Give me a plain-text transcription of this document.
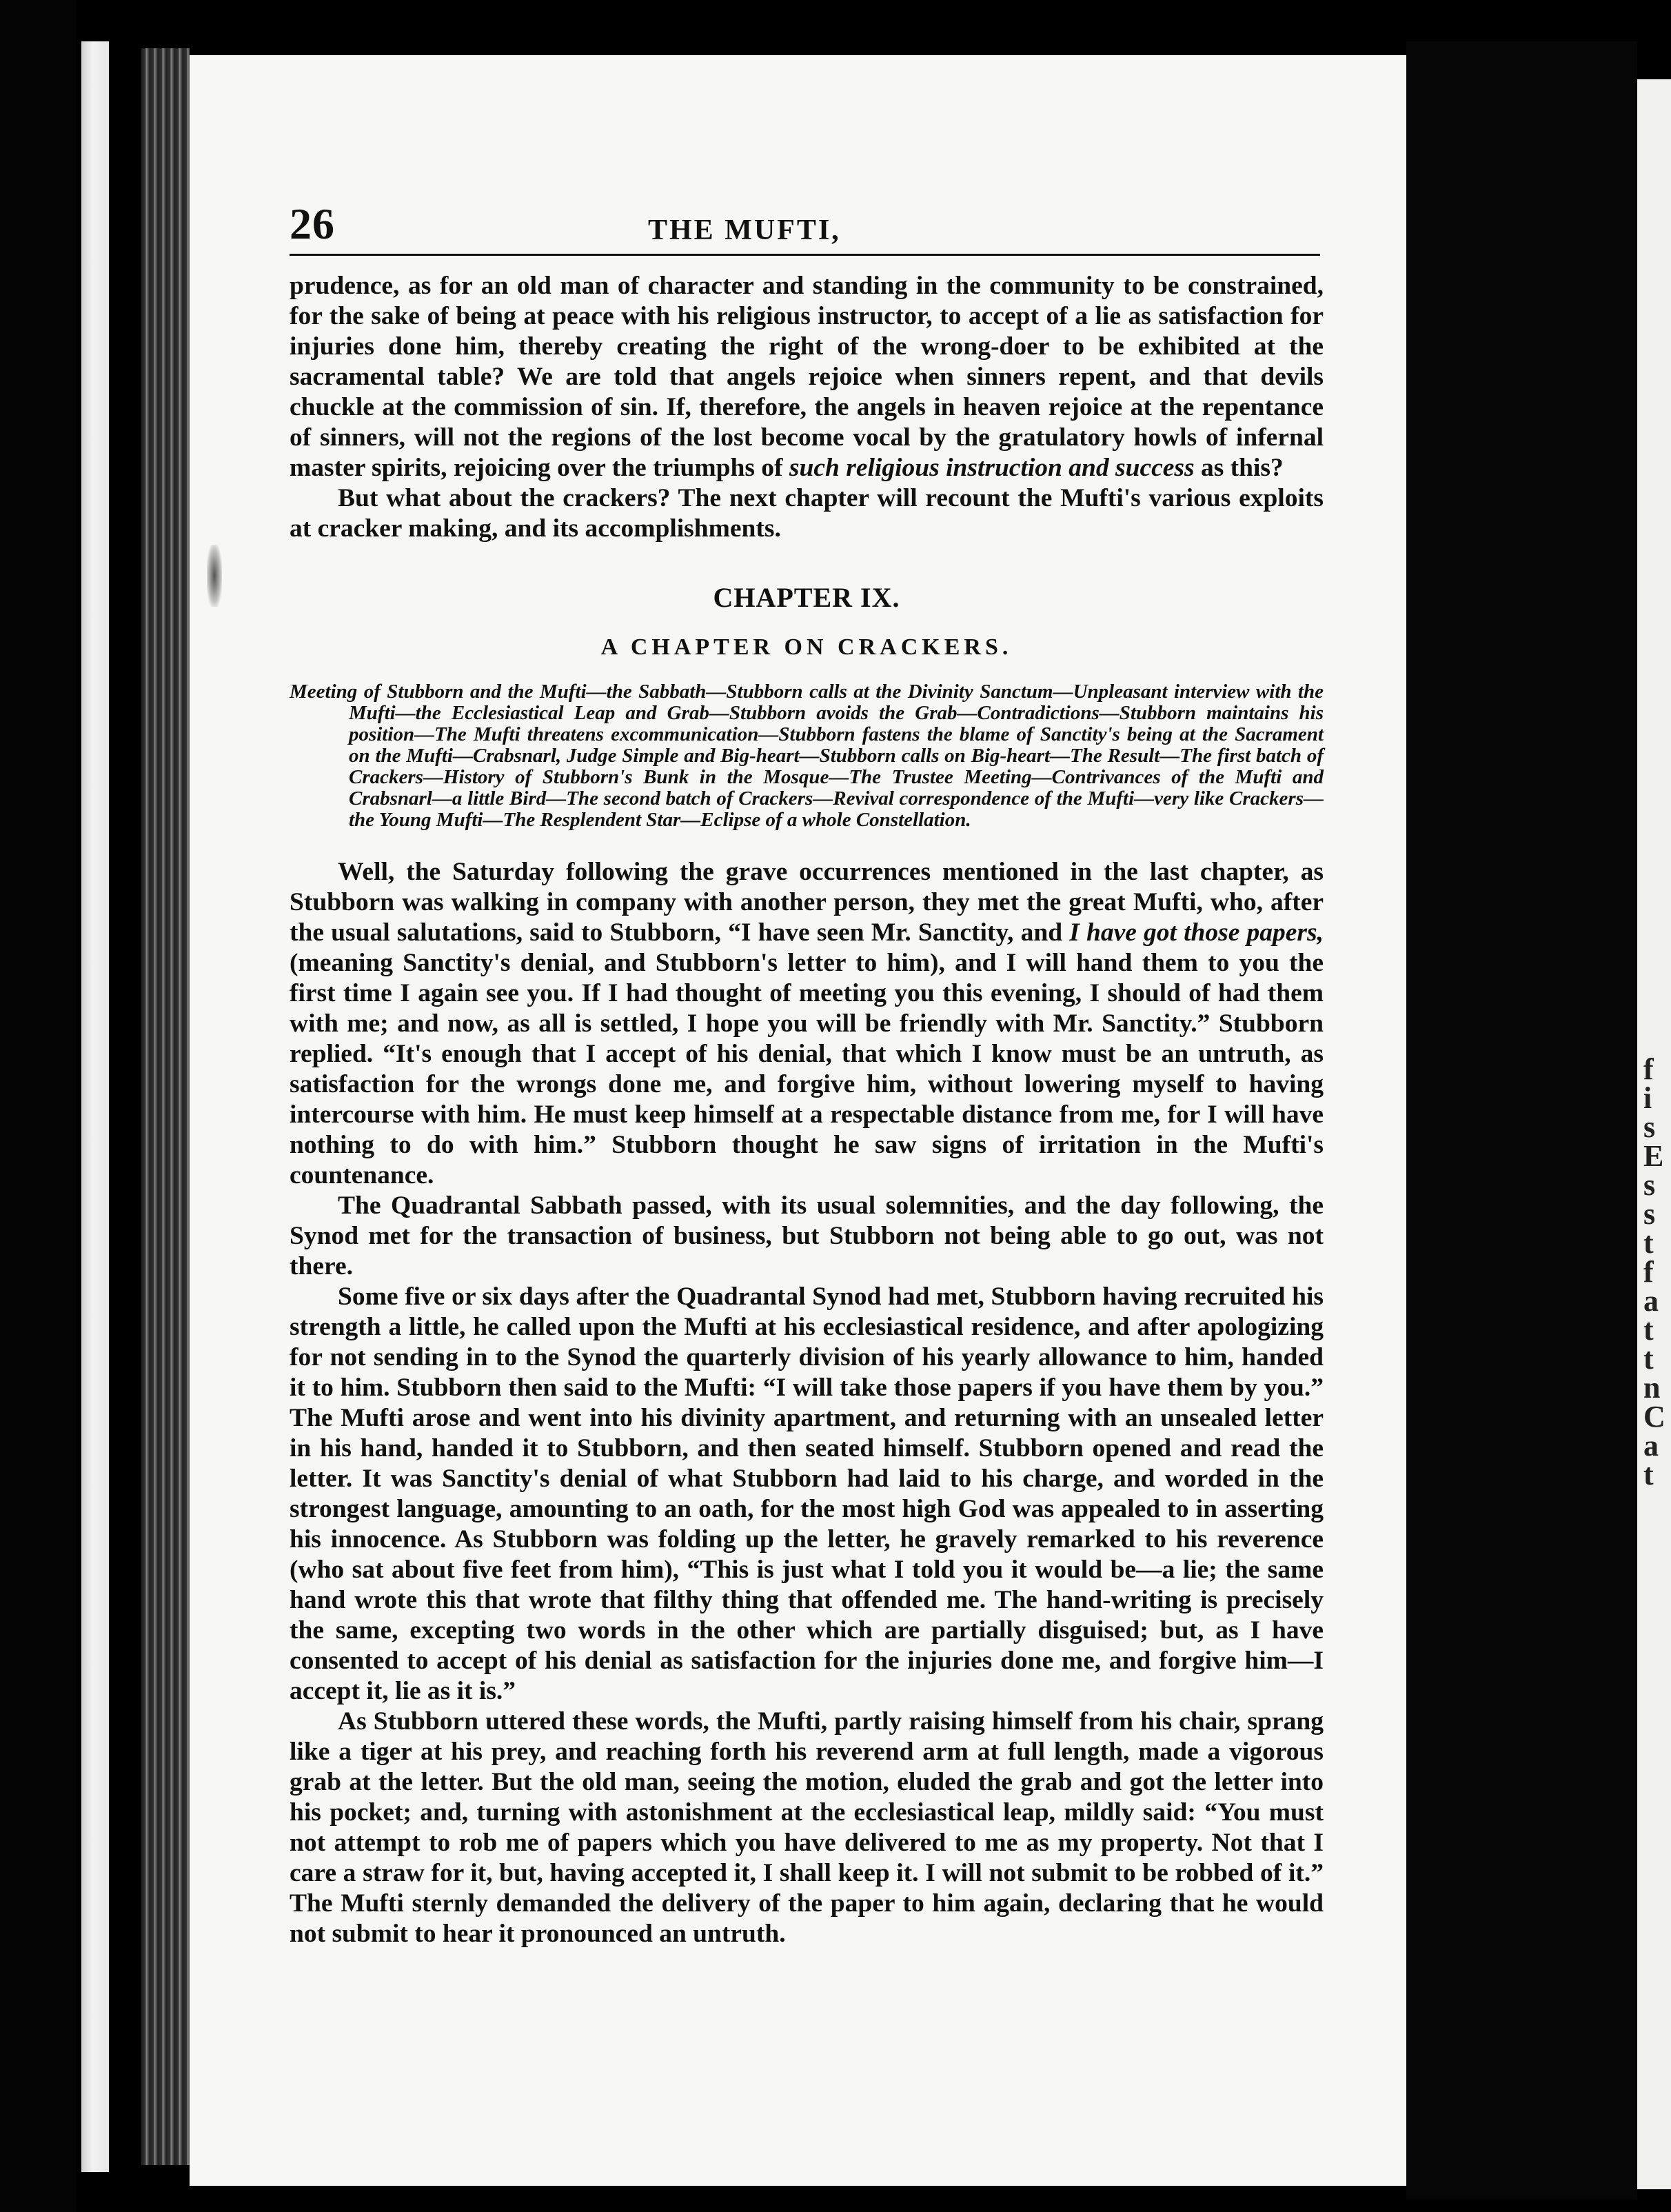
f
i
s
E
s
s
t
f
a
t
t
n
C
a
t
26	THE MUFTI,

prudence, as for an old man of character and standing in the community to be constrained, for the sake of being at peace with his religious instructor, to accept of a lie as satisfaction for injuries done him, thereby creating the right of the wrong-doer to be exhibited at the sacramental table? We are told that angels rejoice when sinners repent, and that devils chuckle at the commission of sin. If, therefore, the angels in heaven rejoice at the repentance of sinners, will not the regions of the lost become vocal by the gratulatory howls of infernal master spirits, rejoicing over the triumphs of such religious instruction and success as this?

But what about the crackers? The next chapter will recount the Mufti's various exploits at cracker making, and its accomplishments.

CHAPTER IX.
A CHAPTER ON CRACKERS.
Meeting of Stubborn and the Mufti—the Sabbath—Stubborn calls at the Divinity Sanctum—Unpleasant interview with the Mufti—the Ecclesiastical Leap and Grab—Stubborn avoids the Grab—Contradictions—Stubborn maintains his position—The Mufti threatens excommunication—Stubborn fastens the blame of Sanctity's being at the Sacrament on the Mufti—Crabsnarl, Judge Simple and Big-heart—Stubborn calls on Big-heart—The Result—The first batch of Crackers—History of Stubborn's Bunk in the Mosque—The Trustee Meeting—Contrivances of the Mufti and Crabsnarl—a little Bird—The second batch of Crackers—Revival correspondence of the Mufti—very like Crackers—the Young Mufti—The Resplendent Star—Eclipse of a whole Constellation.

Well, the Saturday following the grave occurrences mentioned in the last chapter, as Stubborn was walking in company with another person, they met the great Mufti, who, after the usual salutations, said to Stubborn, “I have seen Mr. Sanctity, and I have got those papers, (meaning Sanctity's denial, and Stubborn's letter to him), and I will hand them to you the first time I again see you. If I had thought of meeting you this evening, I should of had them with me; and now, as all is settled, I hope you will be friendly with Mr. Sanctity.” Stubborn replied. “It's enough that I accept of his denial, that which I know must be an untruth, as satisfaction for the wrongs done me, and forgive him, without lowering myself to having intercourse with him. He must keep himself at a respectable distance from me, for I will have nothing to do with him.” Stubborn thought he saw signs of irritation in the Mufti's countenance.

The Quadrantal Sabbath passed, with its usual solemnities, and the day following, the Synod met for the transaction of business, but Stubborn not being able to go out, was not there.

Some five or six days after the Quadrantal Synod had met, Stubborn having recruited his strength a little, he called upon the Mufti at his ecclesiastical residence, and after apologizing for not sending in to the Synod the quarterly division of his yearly allowance to him, handed it to him. Stubborn then said to the Mufti: “I will take those papers if you have them by you.” The Mufti arose and went into his divinity apartment, and returning with an unsealed letter in his hand, handed it to Stubborn, and then seated himself. Stubborn opened and read the letter. It was Sanctity's denial of what Stubborn had laid to his charge, and worded in the strongest language, amounting to an oath, for the most high God was appealed to in asserting his innocence. As Stubborn was folding up the letter, he gravely remarked to his reverence (who sat about five feet from him), “This is just what I told you it would be—a lie; the same hand wrote this that wrote that filthy thing that offended me. The hand-writing is precisely the same, excepting two words in the other which are partially disguised; but, as I have consented to accept of his denial as satisfaction for the injuries done me, and forgive him—I accept it, lie as it is.”

As Stubborn uttered these words, the Mufti, partly raising himself from his chair, sprang like a tiger at his prey, and reaching forth his reverend arm at full length, made a vigorous grab at the letter. But the old man, seeing the motion, eluded the grab and got the letter into his pocket; and, turning with astonishment at the ecclesiastical leap, mildly said: “You must not attempt to rob me of papers which you have delivered to me as my property. Not that I care a straw for it, but, having accepted it, I shall keep it. I will not submit to be robbed of it.” The Mufti sternly demanded the delivery of the paper to him again, declaring that he would not submit to hear it pronounced an untruth.
